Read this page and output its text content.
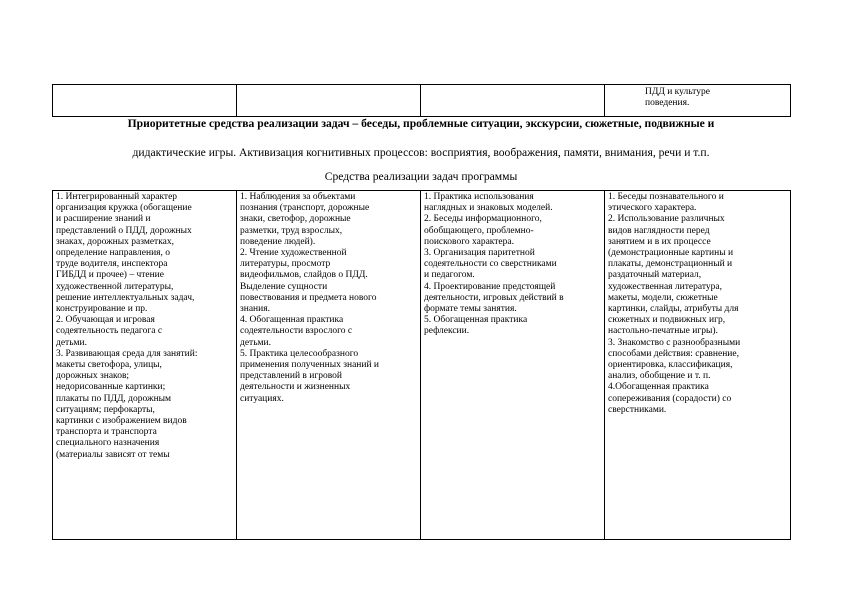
ПДД и культуре
поведения.
Приоритетные средства реализации задач – беседы, проблемные ситуации, экскурсии, сюжетные, подвижные и
дидактические игры. Активизация когнитивных процессов: восприятия, воображения, памяти, внимания, речи и т.п.
Средства реализации задач программы
1. Интегрированный характер
организация кружка (обогащение
и расширение знаний и
представлений о ПДД, дорожных
знаках, дорожных разметках,
определение направления, о
труде водителя, инспектора
ГИБДД и прочее) – чтение
художественной литературы,
решение интеллектуальных задач,
конструирование и пр.
2. Обучающая и игровая
содеятельность педагога с
детьми.
3. Развивающая среда для занятий:
макеты светофора, улицы,
дорожных знаков;
недорисованные картинки;
плакаты по ПДД, дорожным
ситуациям; перфокарты,
картинки с изображением видов
транспорта и транспорта
специального назначения
(материалы зависят от темы

1. Наблюдения за объектами
познания (транспорт, дорожные
знаки, светофор, дорожные
разметки, труд взрослых,
поведение людей).
2. Чтение художественной
литературы, просмотр
видеофильмов, слайдов о ПДД.
Выделение сущности
повествования и предмета нового
знания.
4. Обогащенная практика
содеятельности взрослого с
детьми.
5. Практика целесообразного
применения полученных знаний и
представлений в игровой
деятельности и жизненных
ситуациях.

1. Практика использования
наглядных и знаковых моделей.
2. Беседы информационного,
обобщающего, проблемно-
поискового характера.
3. Организация паритетной
содеятельности со сверстниками
и педагогом.
4. Проектирование предстоящей
деятельности, игровых действий в
формате темы занятия.
5. Обогащенная практика
рефлексии.

1. Беседы познавательного и
этического характера.
2. Использование различных
видов наглядности перед
занятием и в их процессе
(демонстрационные картины и
плакаты, демонстрационный и
раздаточный материал,
художественная литература,
макеты, модели, сюжетные
картинки, слайды, атрибуты для
сюжетных и подвижных игр,
настольно-печатные игры).
3. Знакомство с разнообразными
способами действия: сравнение,
ориентировка, классификация,
анализ, обобщение и т. п.
4.Обогащенная практика
сопереживания (сорадости) со
сверстниками.
